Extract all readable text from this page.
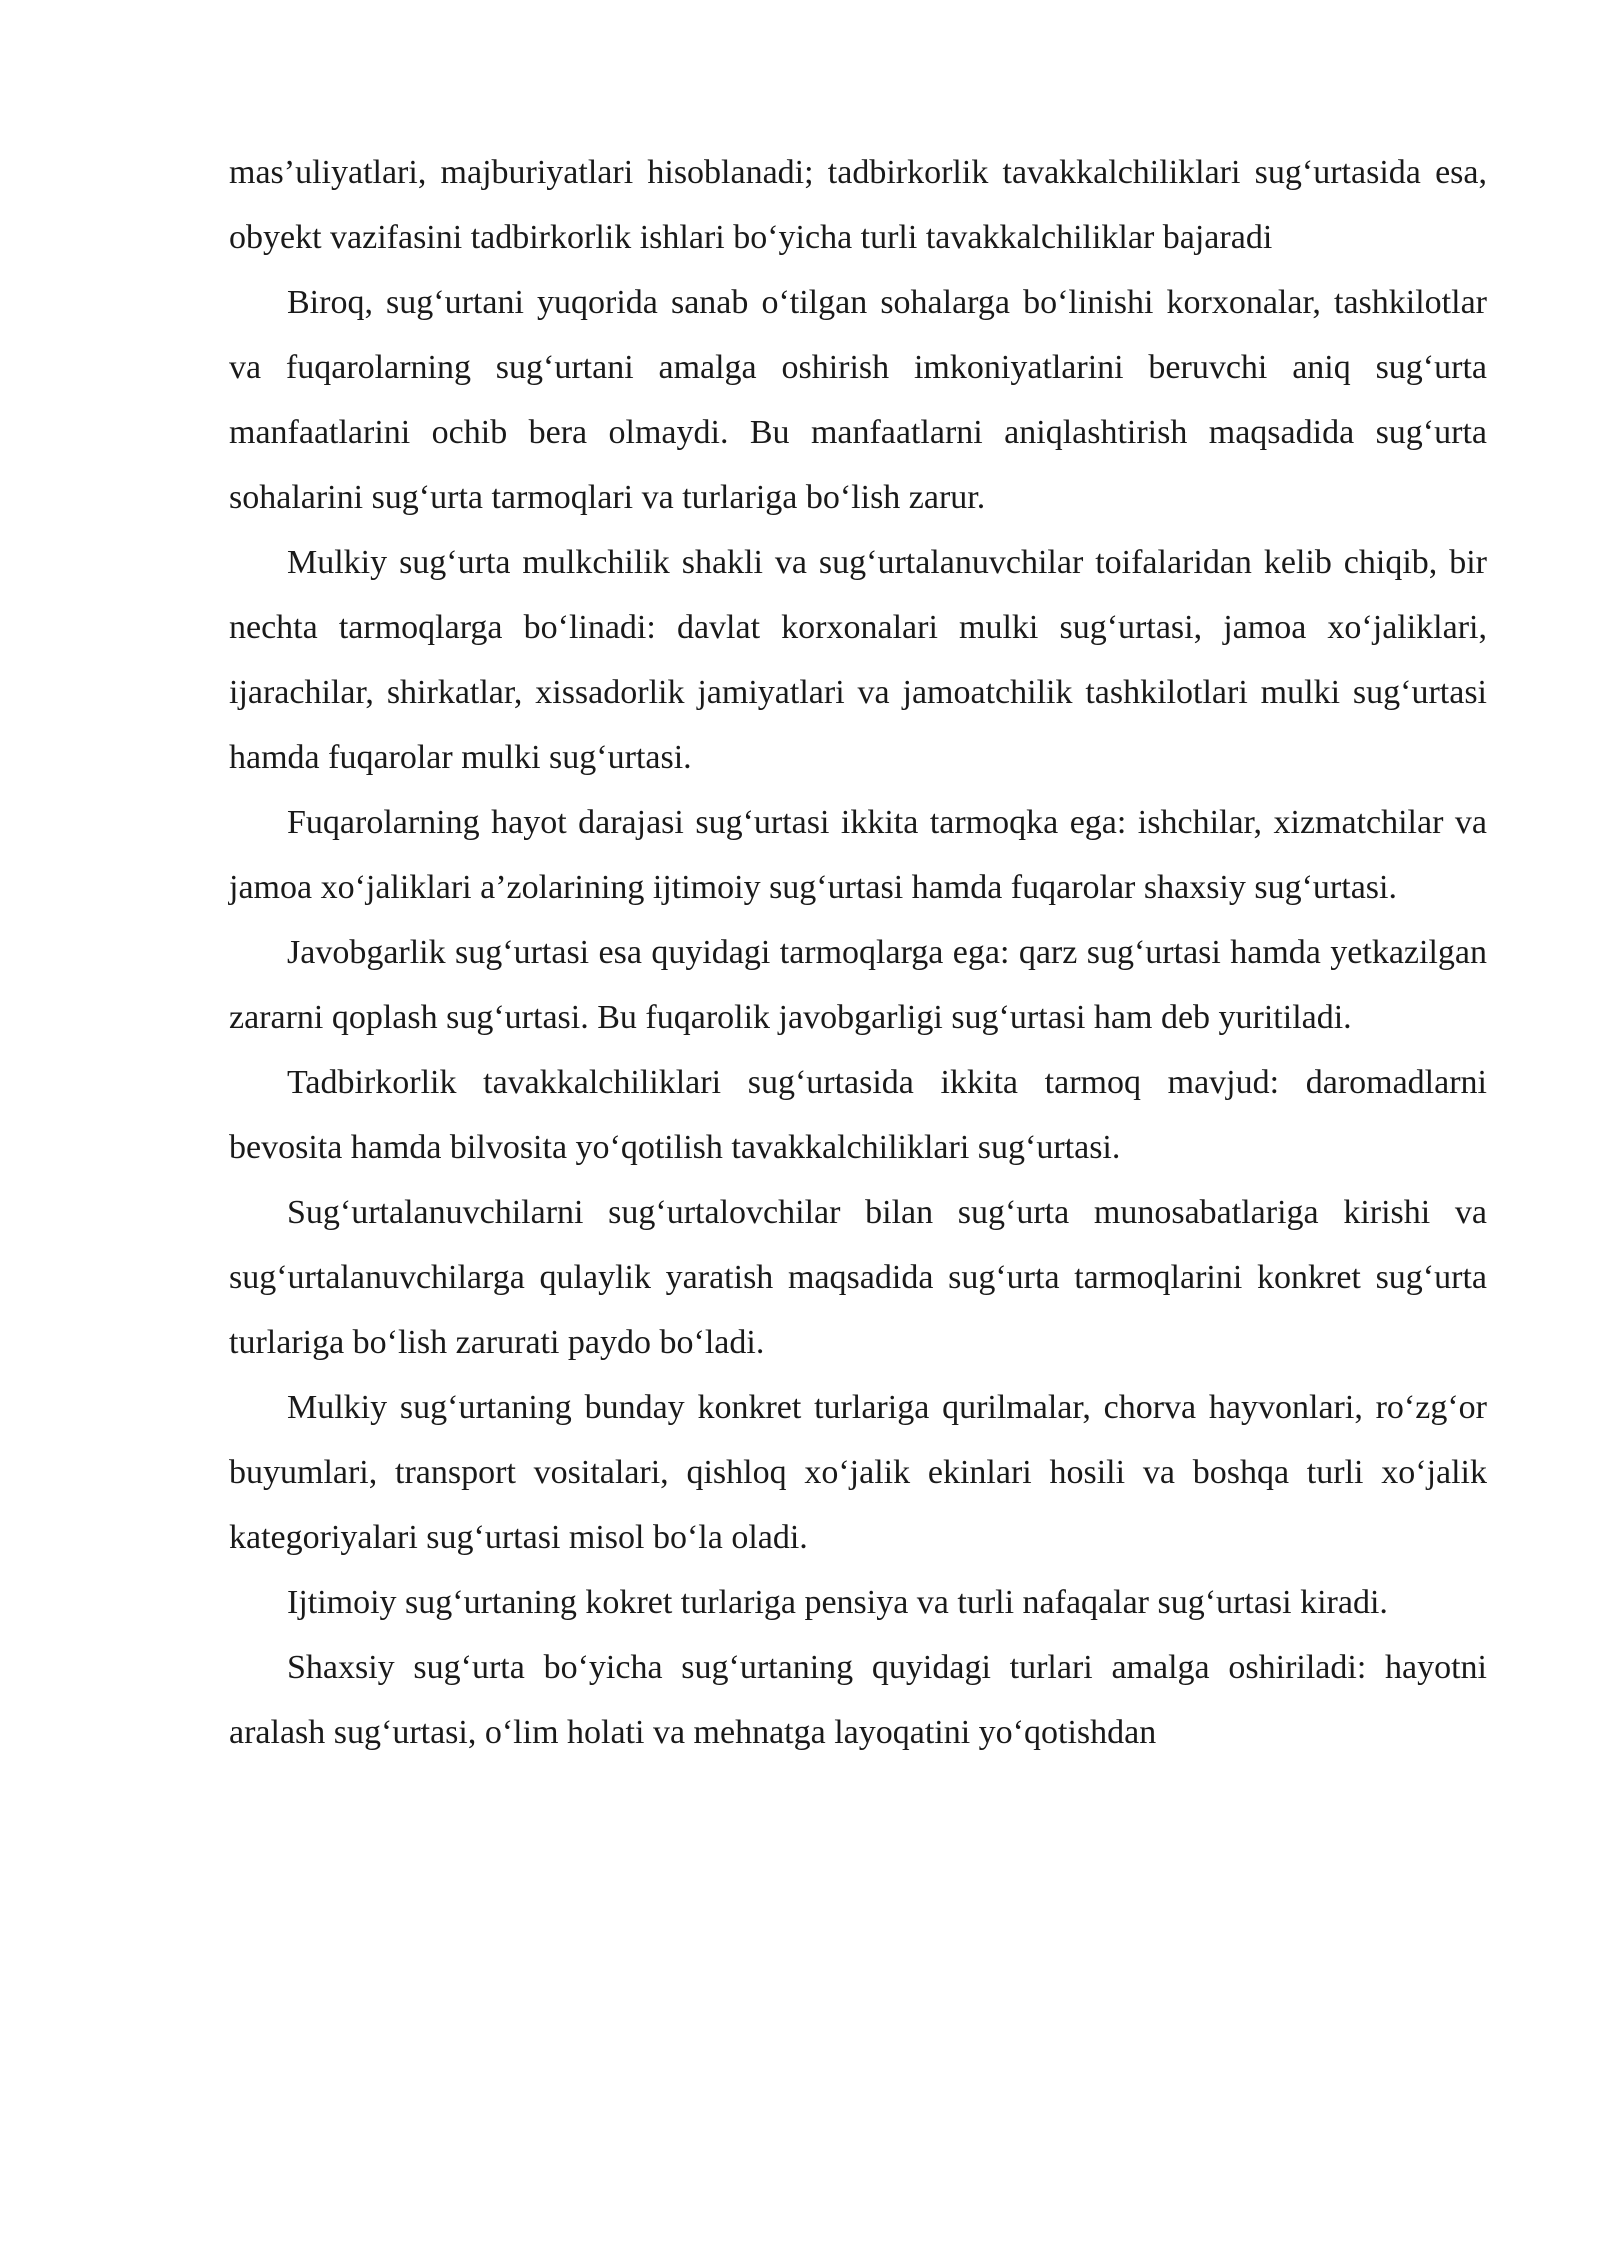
mas’uliyatlari, majburiyatlari hisoblanadi; tadbirkorlik tavakkalchiliklari sug‘urtasida esa, obyekt vazifasini tadbirkorlik ishlari bo‘yicha turli tavakkalchiliklar bajaradi

Biroq, sug‘urtani yuqorida sanab o‘tilgan sohalarga bo‘linishi korxonalar, tashkilotlar va fuqarolarning sug‘urtani amalga oshirish imkoniyatlarini beruvchi aniq sug‘urta manfaatlarini ochib bera olmaydi. Bu manfaatlarni aniqlashtirish maqsadida sug‘urta sohalarini sug‘urta tarmoqlari va turlariga bo‘lish zarur.

Mulkiy sug‘urta mulkchilik shakli va sug‘urtalanuvchilar toifalaridan kelib chiqib, bir nechta tarmoqlarga bo‘linadi: davlat korxonalari mulki sug‘urtasi, jamoa xo‘jaliklari, ijarachilar, shirkatlar, xissadorlik jamiyatlari va jamoatchilik tashkilotlari mulki sug‘urtasi hamda fuqarolar mulki sug‘urtasi.

Fuqarolarning hayot darajasi sug‘urtasi ikkita tarmoqka ega: ishchilar, xizmatchilar va jamoa xo‘jaliklari a’zolarining ijtimoiy sug‘urtasi hamda fuqarolar shaxsiy sug‘urtasi.

Javobgarlik sug‘urtasi esa quyidagi tarmoqlarga ega: qarz sug‘urtasi hamda yetkazilgan zararni qoplash sug‘urtasi. Bu fuqarolik javobgarligi sug‘urtasi ham deb yuritiladi.

Tadbirkorlik tavakkalchiliklari sug‘urtasida ikkita tarmoq mavjud: daromadlarni bevosita hamda bilvosita yo‘qotilish tavakkalchiliklari sug‘urtasi.

Sug‘urtalanuvchilarni sug‘urtalovchilar bilan sug‘urta munosabatlariga kirishi va sug‘urtalanuvchilarga qulaylik yaratish maqsadida sug‘urta tarmoqlarini konkret sug‘urta turlariga bo‘lish zarurati paydo bo‘ladi.

Mulkiy sug‘urtaning bunday konkret turlariga qurilmalar, chorva hayvonlari, ro‘zg‘or buyumlari, transport vositalari, qishloq xo‘jalik ekinlari hosili va boshqa turli xo‘jalik kategoriyalari sug‘urtasi misol bo‘la oladi.

Ijtimoiy sug‘urtaning kokret turlariga pensiya va turli nafaqalar sug‘urtasi kiradi.

Shaxsiy sug‘urta bo‘yicha sug‘urtaning quyidagi turlari amalga oshiriladi: hayotni aralash sug‘urtasi, o‘lim holati va mehnatga layoqatini yo‘qotishdan
